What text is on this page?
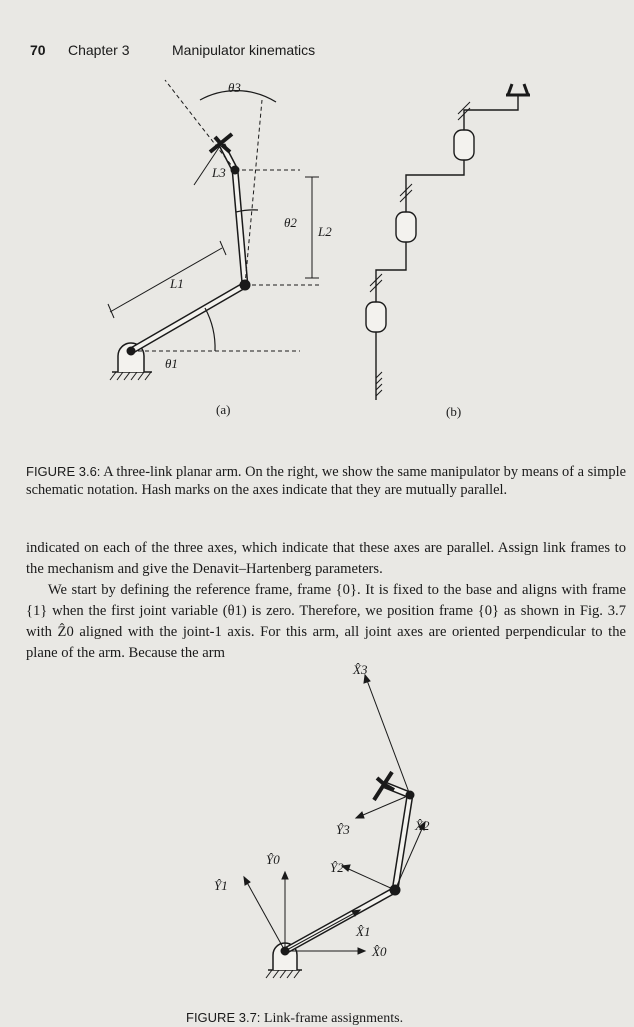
70 Chapter 3	Manipulator kinematics
θ1
θ2
θ3
L1
L2
L3
(a)	(b)

FIGURE 3.6: A three-link planar arm. On the right, we show the same manipulator by means of a simple schematic notation. Hash marks on the axes indicate that they are mutually parallel.

indicated on each of the three axes, which indicate that these axes are parallel. Assign link frames to the mechanism and give the Denavit–Hartenberg parameters.

We start by defining the reference frame, frame {0}. It is fixed to the base and aligns with frame {1} when the first joint variable (θ1) is zero. Therefore, we position frame {0} as shown in Fig. 3.7 with Ẑ0 aligned with the joint-1 axis. For this arm, all joint axes are oriented perpendicular to the plane of the arm. Because the arm

X̂0
Ŷ0
X̂1
Ŷ1
X̂2
Ŷ2
X̂3
Ŷ3

FIGURE 3.7: Link-frame assignments.
